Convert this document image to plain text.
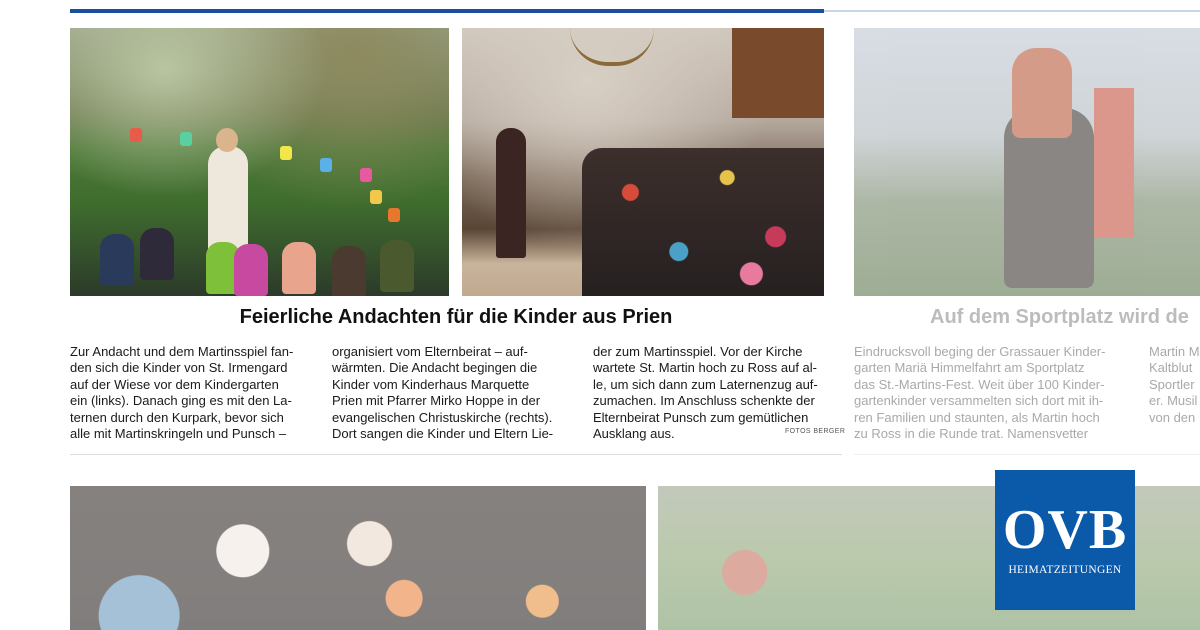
Feierliche Andachten für die Kinder aus Prien	Auf dem Sportplatz wird de
Zur Andacht und dem Martinsspiel fan-
den sich die Kinder von St. Irmengard
auf der Wiese vor dem Kindergarten
ein (links). Danach ging es mit den La-
ternen durch den Kurpark, bevor sich
alle mit Martinskringeln und Punsch –
organisiert vom Elternbeirat – auf-
wärmten. Die Andacht begingen die
Kinder vom Kinderhaus Marquette
Prien mit Pfarrer Mirko Hoppe in der
evangelischen Christuskirche (rechts).
Dort sangen die Kinder und Eltern Lie-
der zum Martinsspiel. Vor der Kirche
wartete St. Martin hoch zu Ross auf al-
le, um sich dann zum Laternenzug auf-
zumachen. Im Anschluss schenkte der
Elternbeirat Punsch zum gemütlichen
Ausklang aus.	FOTOS BERGER
Eindrucksvoll beging der Grassauer Kinder-
garten Mariä Himmelfahrt am Sportplatz
das St.-Martins-Fest. Weit über 100 Kinder-
gartenkinder versammelten sich dort mit ih-
ren Familien und staunten, als Martin hoch
zu Ross in die Runde trat. Namensvetter
Martin M
Kaltblut
Sportler
er. Musil
von den
OVB
HEIMATZEITUNGEN
